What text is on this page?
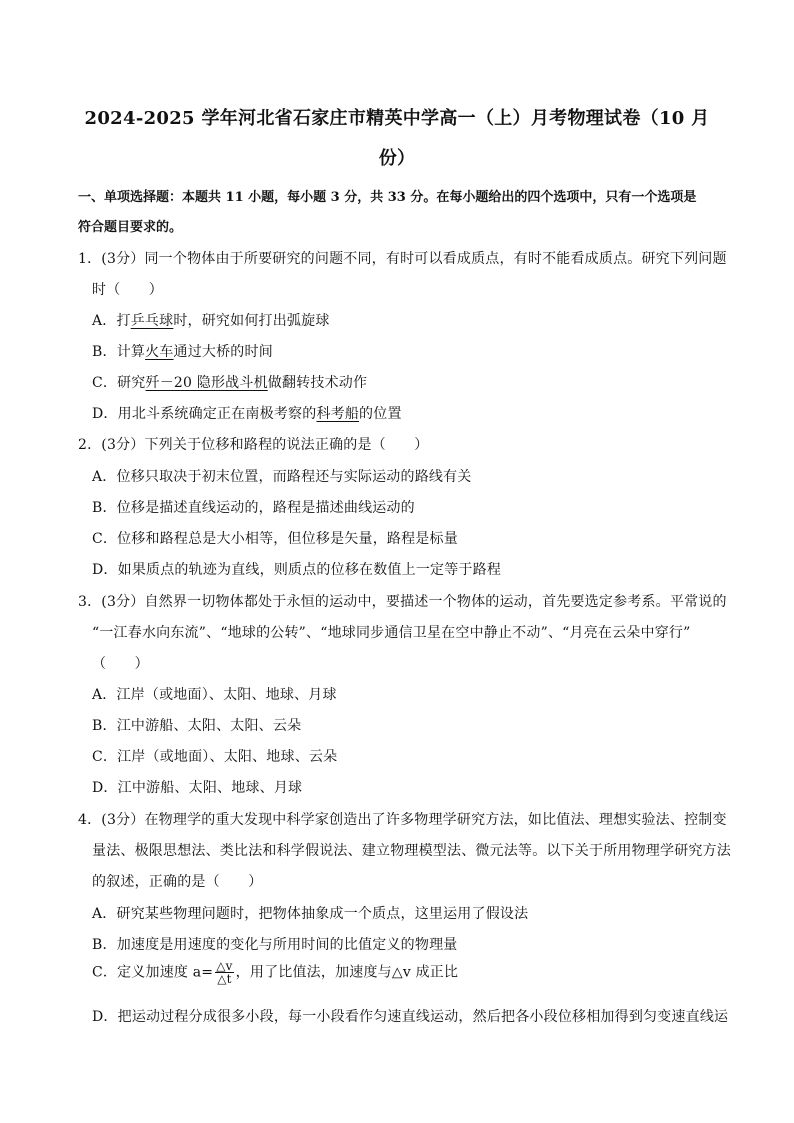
2024-2025 学年河北省石家庄市精英中学高一（上）月考物理试卷（10 月
份）
一、单项选择题：本题共 11 小题，每小题 3 分，共 33 分。在每小题给出的四个选项中，只有一个选项是
符合题目要求的。
1．(3分）同一个物体由于所要研究的问题不同，有时可以看成质点，有时不能看成质点。研究下列问题
时（　　）
A．打乒乓球时，研究如何打出弧旋球
B．计算火车通过大桥的时间
C．研究歼－20 隐形战斗机做翻转技术动作
D．用北斗系统确定正在南极考察的科考船的位置
2．(3分）下列关于位移和路程的说法正确的是（　　）
A．位移只取决于初末位置，而路程还与实际运动的路线有关
B．位移是描述直线运动的，路程是描述曲线运动的
C．位移和路程总是大小相等，但位移是矢量，路程是标量
D．如果质点的轨迹为直线，则质点的位移在数值上一定等于路程
3．(3分）自然界一切物体都处于永恒的运动中，要描述一个物体的运动，首先要选定参考系。平常说的
“一江春水向东流”、“地球的公转”、“地球同步通信卫星在空中静止不动”、“月亮在云朵中穿行”
（　　）
A．江岸（或地面）、太阳、地球、月球
B．江中游船、太阳、太阳、云朵
C．江岸（或地面）、太阳、地球、云朵
D．江中游船、太阳、地球、月球
4．(3分）在物理学的重大发现中科学家创造出了许多物理学研究方法，如比值法、理想实验法、控制变
量法、极限思想法、类比法和科学假说法、建立物理模型法、微元法等。以下关于所用物理学研究方法
的叙述，正确的是（　　）
A．研究某些物理问题时，把物体抽象成一个质点，这里运用了假设法
B．加速度是用速度的变化与所用时间的比值定义的物理量
C．定义加速度 $a= \frac{\triangle v}{\triangle t}$ ，用了比值法，加速度与△v 成正比
D．把运动过程分成很多小段，每一小段看作匀速直线运动，然后把各小段位移相加得到匀变速直线运
